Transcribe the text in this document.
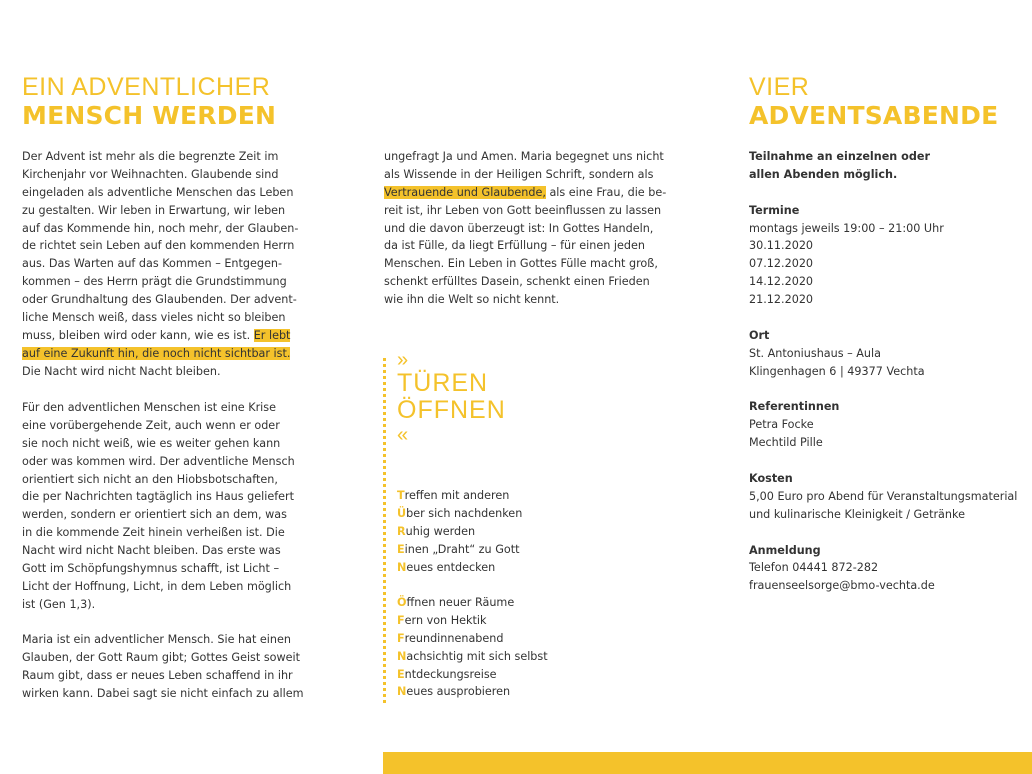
EIN ADVENTLICHER
MENSCH WERDEN
Der Advent ist mehr als die begrenzte Zeit im
Kirchenjahr vor Weihnachten. Glaubende sind
eingeladen als adventliche Menschen das Leben
zu gestalten. Wir leben in Erwartung, wir leben
auf das Kommende hin, noch mehr, der Glauben-
de richtet sein Leben auf den kommenden Herrn
aus. Das Warten auf das Kommen – Entgegen-
kommen – des Herrn prägt die Grundstimmung
oder Grundhaltung des Glaubenden. Der advent-
liche Mensch weiß, dass vieles nicht so bleiben
muss, bleiben wird oder kann, wie es ist. Er lebt
auf eine Zukunft hin, die noch nicht sichtbar ist.
Die Nacht wird nicht Nacht bleiben.
Für den adventlichen Menschen ist eine Krise
eine vorübergehende Zeit, auch wenn er oder
sie noch nicht weiß, wie es weiter gehen kann
oder was kommen wird. Der adventliche Mensch
orientiert sich nicht an den Hiobsbotschaften,
die per Nachrichten tagtäglich ins Haus geliefert
werden, sondern er orientiert sich an dem, was
in die kommende Zeit hinein verheißen ist. Die
Nacht wird nicht Nacht bleiben. Das erste was
Gott im Schöpfungshymnus schafft, ist Licht –
Licht der Hoffnung, Licht, in dem Leben möglich
ist (Gen 1,3).
Maria ist ein adventlicher Mensch. Sie hat einen
Glauben, der Gott Raum gibt; Gottes Geist soweit
Raum gibt, dass er neues Leben schaffend in ihr
wirken kann. Dabei sagt sie nicht einfach zu allem
ungefragt Ja und Amen. Maria begegnet uns nicht
als Wissende in der Heiligen Schrift, sondern als
Vertrauende und Glaubende, als eine Frau, die be-
reit ist, ihr Leben von Gott beeinflussen zu lassen
und die davon überzeugt ist: In Gottes Handeln,
da ist Fülle, da liegt Erfüllung – für einen jeden
Menschen. Ein Leben in Gottes Fülle macht groß,
schenkt erfülltes Dasein, schenkt einen Frieden
wie ihn die Welt so nicht kennt.
»
TÜREN
ÖFFNEN
«
Treffen mit anderen
Über sich nachdenken
Ruhig werden
Einen „Draht“ zu Gott
Neues entdecken
Öffnen neuer Räume
Fern von Hektik
Freundinnenabend
Nachsichtig mit sich selbst
Entdeckungsreise
Neues ausprobieren
VIER
ADVENTSABENDE
Teilnahme an einzelnen oder
allen Abenden möglich.
Termine
montags jeweils 19:00 – 21:00 Uhr
30.11.2020
07.12.2020
14.12.2020
21.12.2020
Ort
St. Antoniushaus – Aula
Klingenhagen 6 | 49377 Vechta
Referentinnen
Petra Focke
Mechtild Pille
Kosten
5,00 Euro pro Abend für Veranstaltungsmaterial
und kulinarische Kleinigkeit / Getränke
Anmeldung
Telefon 04441 872-282
frauenseelsorge@bmo-vechta.de
